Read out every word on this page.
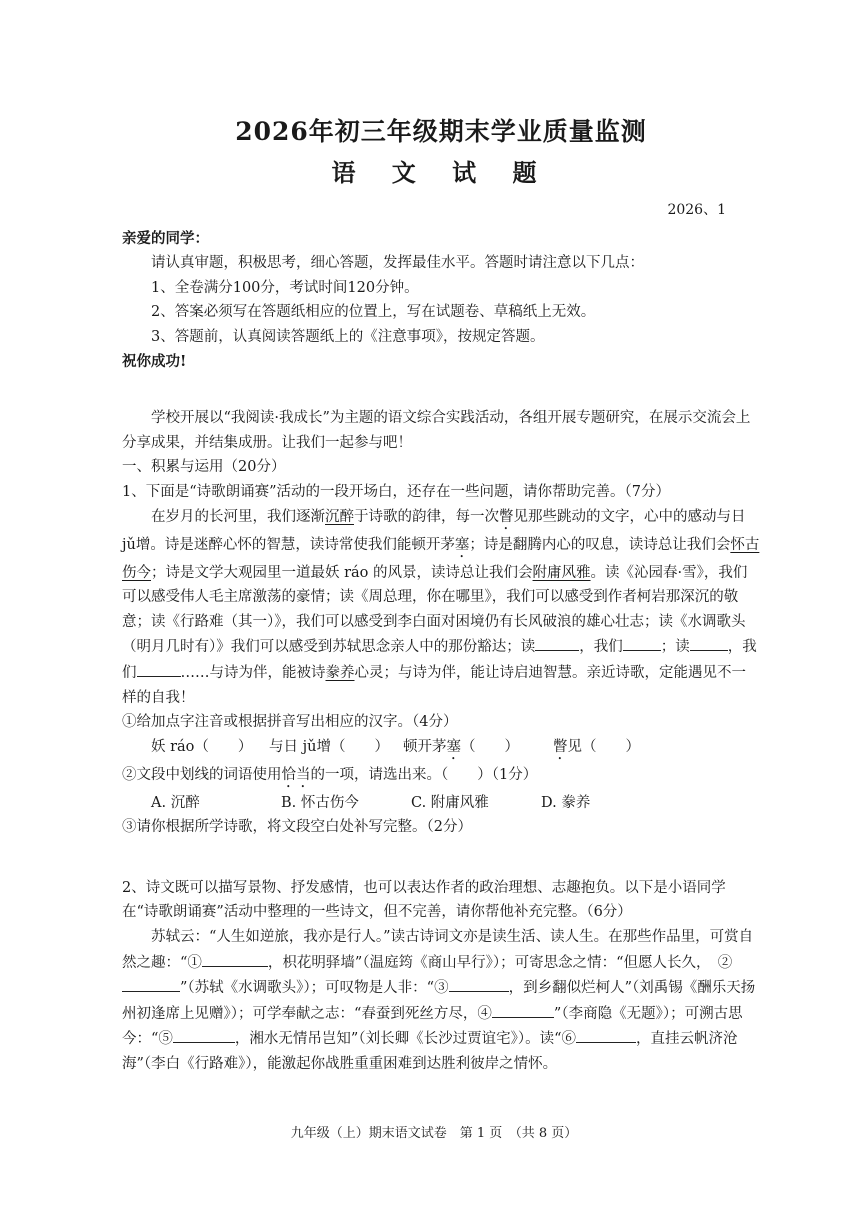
2026年初三年级期末学业质量监测
语 文 试 题
2026、1
亲爱的同学：

请认真审题，积极思考，细心答题，发挥最佳水平。答题时请注意以下几点：

1、全卷满分100分，考试时间120分钟。

2、答案必须写在答题纸相应的位置上，写在试题卷、草稿纸上无效。

3、答题前，认真阅读答题纸上的《注意事项》，按规定答题。

祝你成功!

学校开展以“我阅读·我成长”为主题的语文综合实践活动，各组开展专题研究，在展示交流会上分享成果，并结集成册。让我们一起参与吧！

一、积累与运用（20分）

1、下面是“诗歌朗诵赛”活动的一段开场白，还存在一些问题，请你帮助完善。（7分）

在岁月的长河里，我们逐渐沉醉于诗歌的韵律，每一次瞥见那些跳动的文字，心中的感动与日 jǔ增。诗是迷醉心怀的智慧，读诗常使我们能顿开茅塞；诗是翻腾内心的叹息，读诗总让我们会怀古伤今；诗是文学大观园里一道最妖 ráo 的风景，读诗总让我们会附庸风雅。读《沁园春·雪》，我们可以感受伟人毛主席激荡的豪情；读《周总理，你在哪里》，我们可以感受到作者柯岩那深沉的敬意；读《行路难（其一）》，我们可以感受到李白面对困境仍有长风破浪的雄心壮志；读《水调歌头（明月几时有）》我们可以感受到苏轼思念亲人中的那份豁达；读	，我们	；读	，我们	……与诗为伴，能被诗豢养心灵；与诗为伴，能让诗启迪智慧。亲近诗歌，定能遇见不一样的自我！

①给加点字注音或根据拼音写出相应的汉字。（4分）

妖 ráo（　　）	与日 jǔ增（　　） 顿开茅塞（　　）	瞥见（　　）

②文段中划线的词语使用恰当的一项，请选出来。（　　）（1分）

A. 沉醉	B. 怀古伤今	C. 附庸风雅	D. 豢养

③请你根据所学诗歌，将文段空白处补写完整。（2分）

2、诗文既可以描写景物、抒发感情，也可以表达作者的政治理想、志趣抱负。以下是小语同学在“诗歌朗诵赛”活动中整理的一些诗文，但不完善，请你帮他补充完整。（6分）

苏轼云：“人生如逆旅，我亦是行人。”读古诗词文亦是读生活、读人生。在那些作品里，可赏自然之趣：“①	，枳花明驿墙”（温庭筠《商山早行》）；可寄思念之情：“但愿人长久，　②”（苏轼《水调歌头》）；可叹物是人非：“③	，到乡翻似烂柯人”（刘禹锡《酬乐天扬州初逢席上见赠》）；可学奉献之志：“春蚕到死丝方尽，④	”（李商隐《无题》）；可溯古思今：“⑤	，湘水无情吊岂知”（刘长卿《长沙过贾谊宅》）。读“⑥	，直挂云帆济沧海”（李白《行路难》），能激起你战胜重重困难到达胜利彼岸之情怀。

九年级（上）期末语文试卷　第 1 页　（共 8 页）
